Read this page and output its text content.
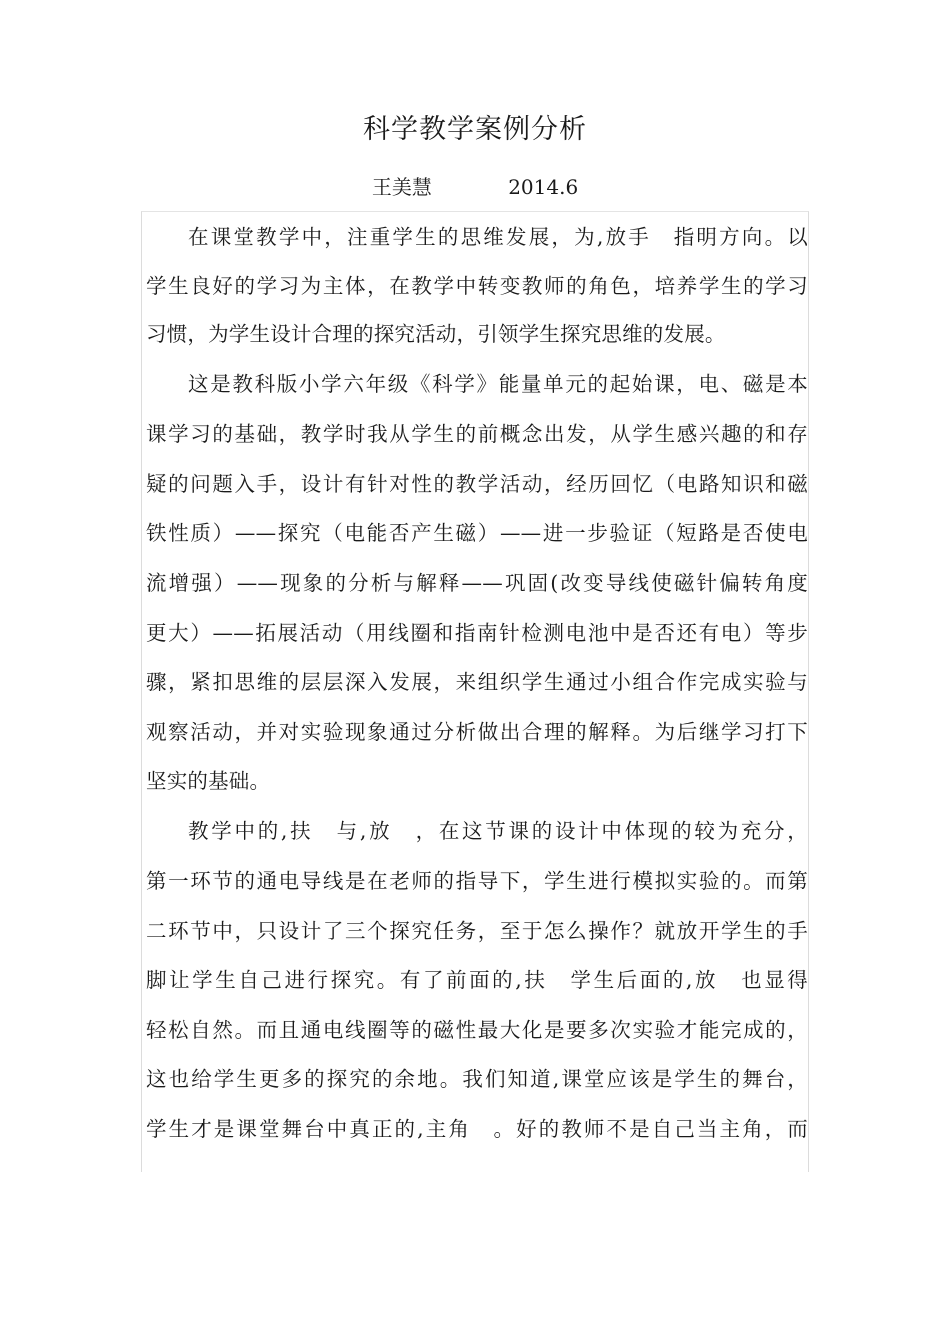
科学教学案例分析
王美慧	2014.6
在课堂教学中，注重学生的思维发展，为,放手　指明方向。以
学生良好的学习为主体，在教学中转变教师的角色，培养学生的学习
习惯，为学生设计合理的探究活动，引领学生探究思维的发展。
这是教科版小学六年级《科学》能量单元的起始课，电、磁是本
课学习的基础，教学时我从学生的前概念出发，从学生感兴趣的和存
疑的问题入手，设计有针对性的教学活动，经历回忆（电路知识和磁
铁性质）——探究（电能否产生磁）——进一步验证（短路是否使电
流增强）——现象的分析与解释——巩固(改变导线使磁针偏转角度
更大）——拓展活动（用线圈和指南针检测电池中是否还有电）等步
骤，紧扣思维的层层深入发展，来组织学生通过小组合作完成实验与
观察活动，并对实验现象通过分析做出合理的解释。为后继学习打下
坚实的基础。
教学中的,扶　与,放　，在这节课的设计中体现的较为充分，
第一环节的通电导线是在老师的指导下，学生进行模拟实验的。而第
二环节中，只设计了三个探究任务，至于怎么操作？就放开学生的手
脚让学生自己进行探究。有了前面的,扶　学生后面的,放　也显得
轻松自然。而且通电线圈等的磁性最大化是要多次实验才能完成的，
这也给学生更多的探究的余地。我们知道,课堂应该是学生的舞台，
学生才是课堂舞台中真正的,主角　。好的教师不是自己当主角，而
